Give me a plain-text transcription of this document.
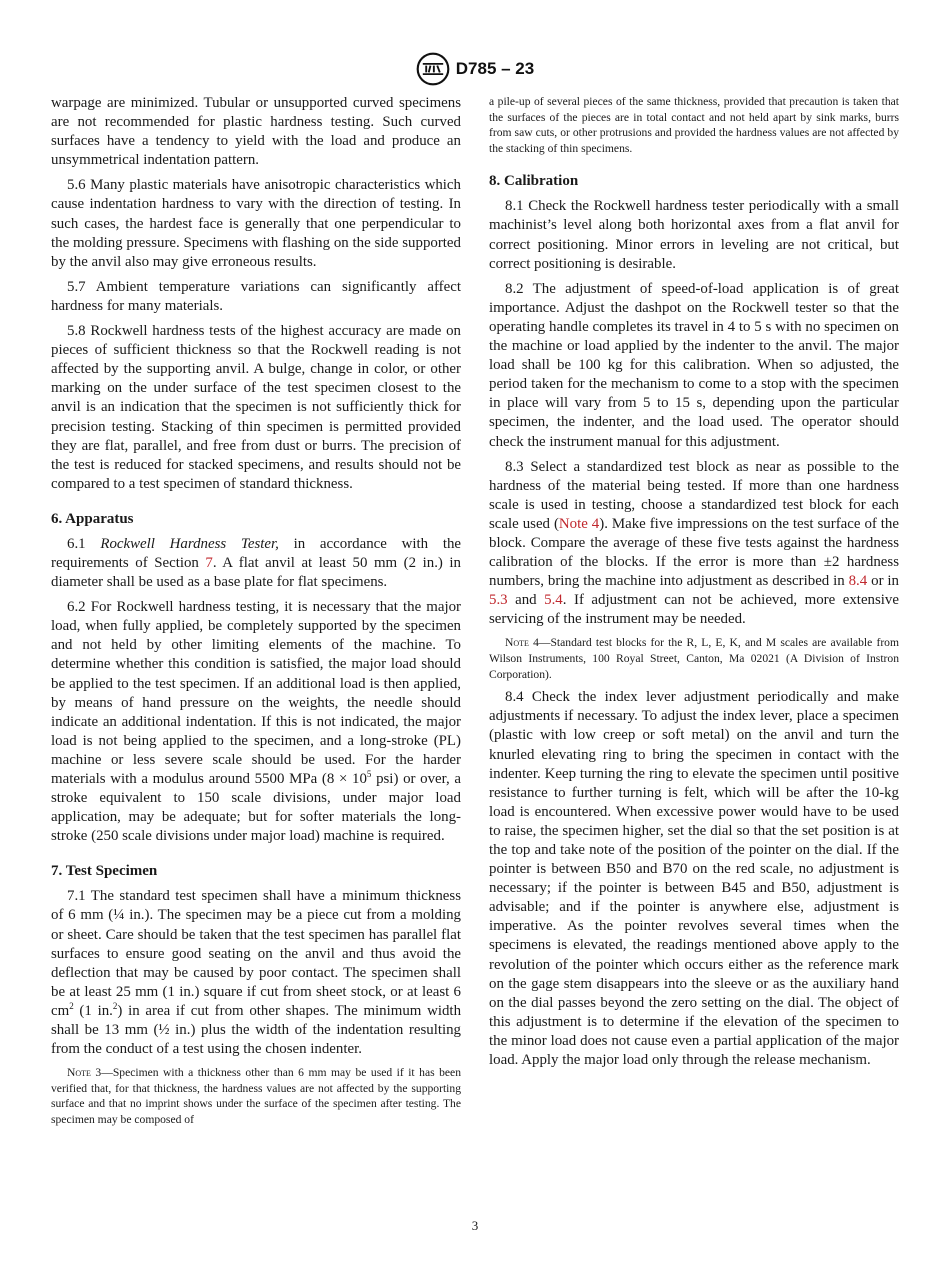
D785 – 23

warpage are minimized. Tubular or unsupported curved specimens are not recommended for plastic hardness testing. Such curved surfaces have a tendency to yield with the load and produce an unsymmetrical indentation pattern.

5.6 Many plastic materials have anisotropic characteristics which cause indentation hardness to vary with the direction of testing. In such cases, the hardest face is generally that one perpendicular to the molding pressure. Specimens with flashing on the side supported by the anvil also may give erroneous results.

5.7 Ambient temperature variations can significantly affect hardness for many materials.

5.8 Rockwell hardness tests of the highest accuracy are made on pieces of sufficient thickness so that the Rockwell reading is not affected by the supporting anvil. A bulge, change in color, or other marking on the under surface of the test specimen closest to the anvil is an indication that the specimen is not sufficiently thick for precision testing. Stacking of thin specimen is permitted provided they are flat, parallel, and free from dust or burrs. The precision of the test is reduced for stacked specimens, and results should not be compared to a test specimen of standard thickness.

6. Apparatus

6.1 Rockwell Hardness Tester, in accordance with the requirements of Section 7. A flat anvil at least 50 mm (2 in.) in diameter shall be used as a base plate for flat specimens.

6.2 For Rockwell hardness testing, it is necessary that the major load, when fully applied, be completely supported by the specimen and not held by other limiting elements of the machine. To determine whether this condition is satisfied, the major load should be applied to the test specimen. If an additional load is then applied, by means of hand pressure on the weights, the needle should indicate an additional indentation. If this is not indicated, the major load is not being applied to the specimen, and a long-stroke (PL) machine or less severe scale should be used. For the harder materials with a modulus around 5500 MPa ($8 \times 10^5$ psi) or over, a stroke equivalent to 150 scale divisions, under major load application, may be adequate; but for softer materials the long-stroke (250 scale divisions under major load) machine is required.

7. Test Specimen

7.1 The standard test specimen shall have a minimum thickness of 6 mm (¼ in.). The specimen may be a piece cut from a molding or sheet. Care should be taken that the test specimen has parallel flat surfaces to ensure good seating on the anvil and thus avoid the deflection that may be caused by poor contact. The specimen shall be at least 25 mm (1 in.) square if cut from sheet stock, or at least 6 $cm^2$ (1 in.$^2$) in area if cut from other shapes. The minimum width shall be 13 mm (½ in.) plus the width of the indentation resulting from the conduct of a test using the chosen indenter.

Note 3—Specimen with a thickness other than 6 mm may be used if it has been verified that, for that thickness, the hardness values are not affected by the supporting surface and that no imprint shows under the surface of the specimen after testing. The specimen may be composed of

a pile-up of several pieces of the same thickness, provided that precaution is taken that the surfaces of the pieces are in total contact and not held apart by sink marks, burrs from saw cuts, or other protrusions and provided the hardness values are not affected by the stacking of thin specimens.

8. Calibration

8.1 Check the Rockwell hardness tester periodically with a small machinist’s level along both horizontal axes from a flat anvil for correct positioning. Minor errors in leveling are not critical, but correct positioning is desirable.

8.2 The adjustment of speed-of-load application is of great importance. Adjust the dashpot on the Rockwell tester so that the operating handle completes its travel in 4 to 5 s with no specimen on the machine or load applied by the indenter to the anvil. The major load shall be 100 kg for this calibration. When so adjusted, the period taken for the mechanism to come to a stop with the specimen in place will vary from 5 to 15 s, depending upon the particular specimen, the indenter, and the load used. The operator should check the instrument manual for this adjustment.

8.3 Select a standardized test block as near as possible to the hardness of the material being tested. If more than one hardness scale is used in testing, choose a standardized test block for each scale used (Note 4). Make five impressions on the test surface of the block. Compare the average of these five tests against the hardness calibration of the blocks. If the error is more than ±2 hardness numbers, bring the machine into adjustment as described in 8.4 or in 5.3 and 5.4. If adjustment can not be achieved, more extensive servicing of the instrument may be needed.

Note 4—Standard test blocks for the R, L, E, K, and M scales are available from Wilson Instruments, 100 Royal Street, Canton, Ma 02021 (A Division of Instron Corporation).

8.4 Check the index lever adjustment periodically and make adjustments if necessary. To adjust the index lever, place a specimen (plastic with low creep or soft metal) on the anvil and turn the knurled elevating ring to bring the specimen in contact with the indenter. Keep turning the ring to elevate the specimen until positive resistance to further turning is felt, which will be after the 10-kg load is encountered. When excessive power would have to be used to raise, the specimen higher, set the dial so that the set position is at the top and take note of the position of the pointer on the dial. If the pointer is between B50 and B70 on the red scale, no adjustment is necessary; if the pointer is between B45 and B50, adjustment is advisable; and if the pointer is anywhere else, adjustment is imperative. As the pointer revolves several times when the specimens is elevated, the readings mentioned above apply to the revolution of the pointer which occurs either as the reference mark on the gage stem disappears into the sleeve or as the auxiliary hand on the dial passes beyond the zero setting on the dial. The object of this adjustment is to determine if the elevation of the specimen to the minor load does not cause even a partial application of the major load. Apply the major load only through the release mechanism.

3
